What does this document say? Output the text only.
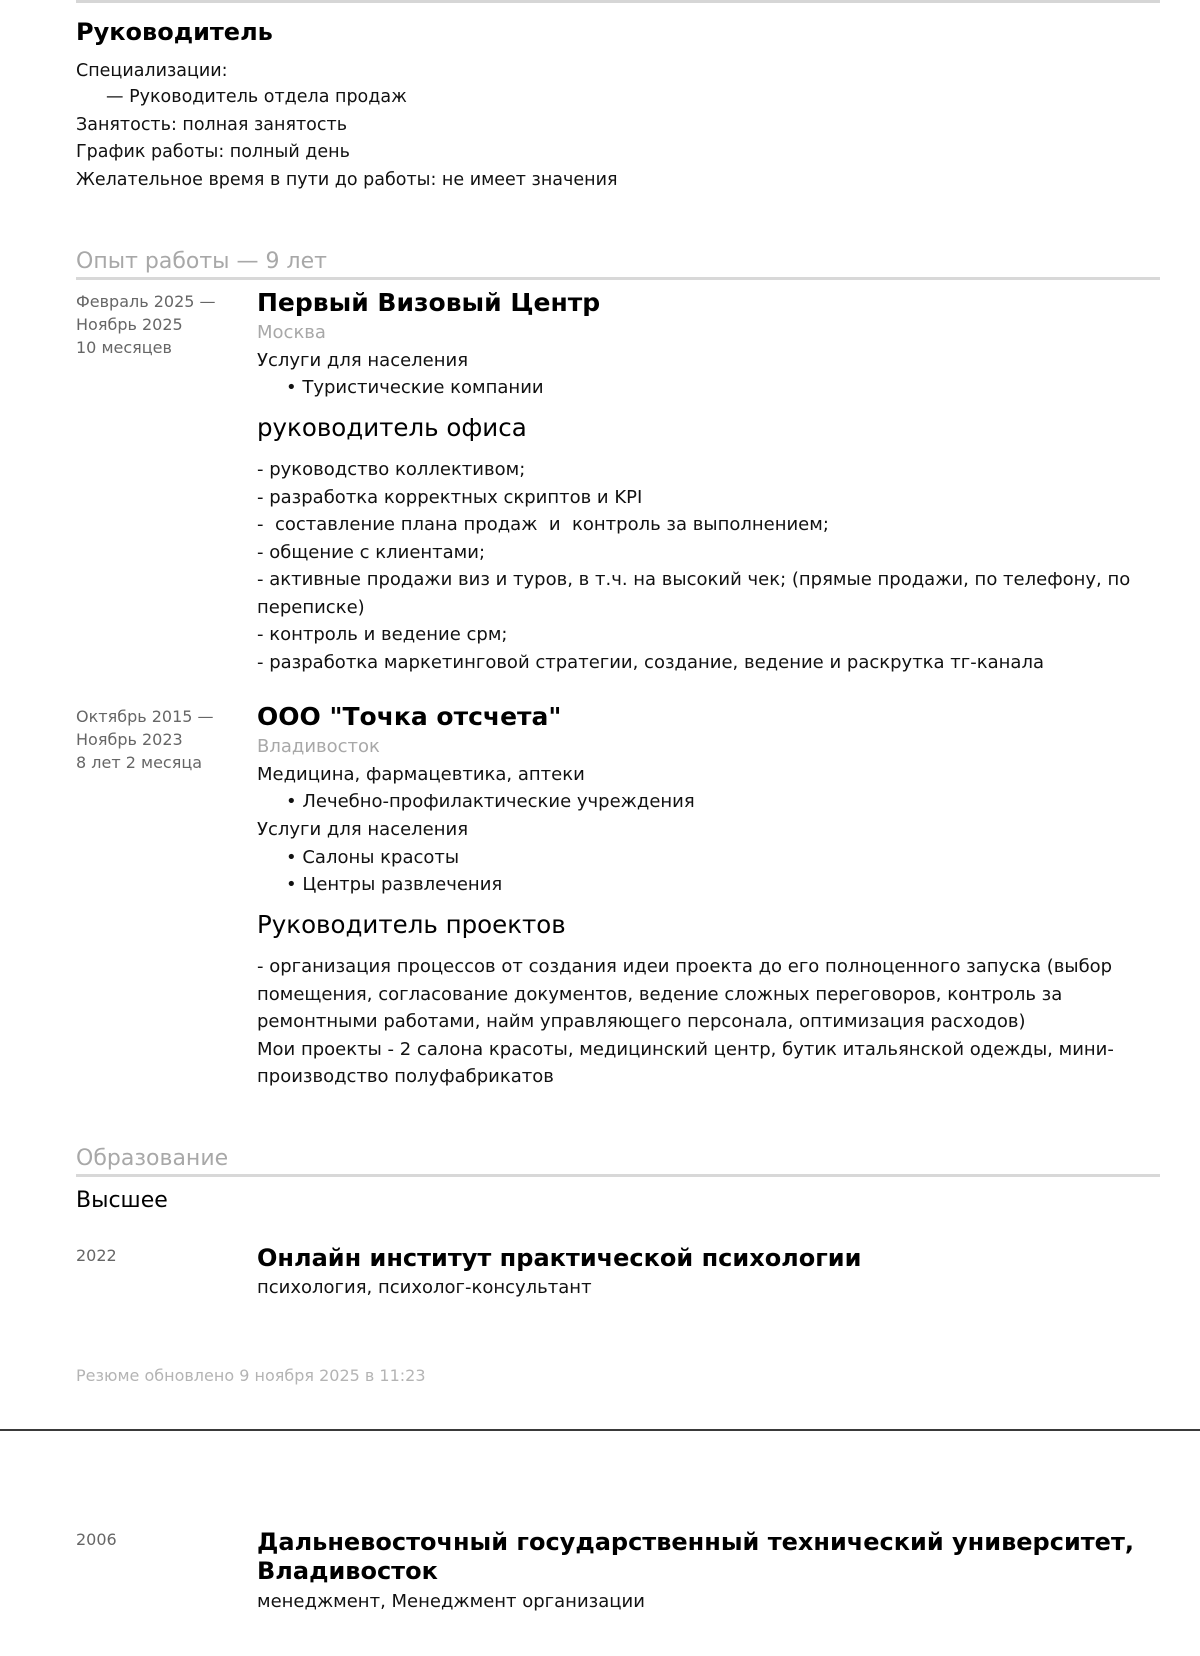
Руководитель
Специализации:
— Руководитель отдела продаж
Занятость: полная занятость
График работы: полный день
Желательное время в пути до работы: не имеет значения
Опыт работы — 9 лет
Февраль 2025 —
Ноябрь 2025
10 месяцев
Первый Визовый Центр
Москва
Услуги для населения
• Туристические компании
руководитель офиса
- руководство коллективом;
- разработка корректных скриптов и KPI
-  составление плана продаж  и  контроль за выполнением;
- общение с клиентами;
- активные продажи виз и туров, в т.ч. на высокий чек; (прямые продажи, по телефону, по переписке)
- контроль и ведение срм;
- разработка маркетинговой стратегии, создание, ведение и раскрутка тг-канала
Октябрь 2015 —
Ноябрь 2023
8 лет 2 месяца
ООО "Точка отсчета"
Владивосток
Медицина, фармацевтика, аптеки
• Лечебно-профилактические учреждения
Услуги для населения
• Салоны красоты
• Центры развлечения
Руководитель проектов
- организация процессов от создания идеи проекта до его полноценного запуска (выбор помещения, согласование документов, ведение сложных переговоров, контроль за ремонтными работами, найм управляющего персонала, оптимизация расходов)
Мои проекты - 2 салона красоты, медицинский центр, бутик итальянской одежды, мини-производство полуфабрикатов
Образование
Высшее
2022	Онлайн институт практической психологии
психология, психолог-консультант
Резюме обновлено 9 ноября 2025 в 11:23
2006	Дальневосточный государственный технический университет, Владивосток
менеджмент, Менеджмент организации
